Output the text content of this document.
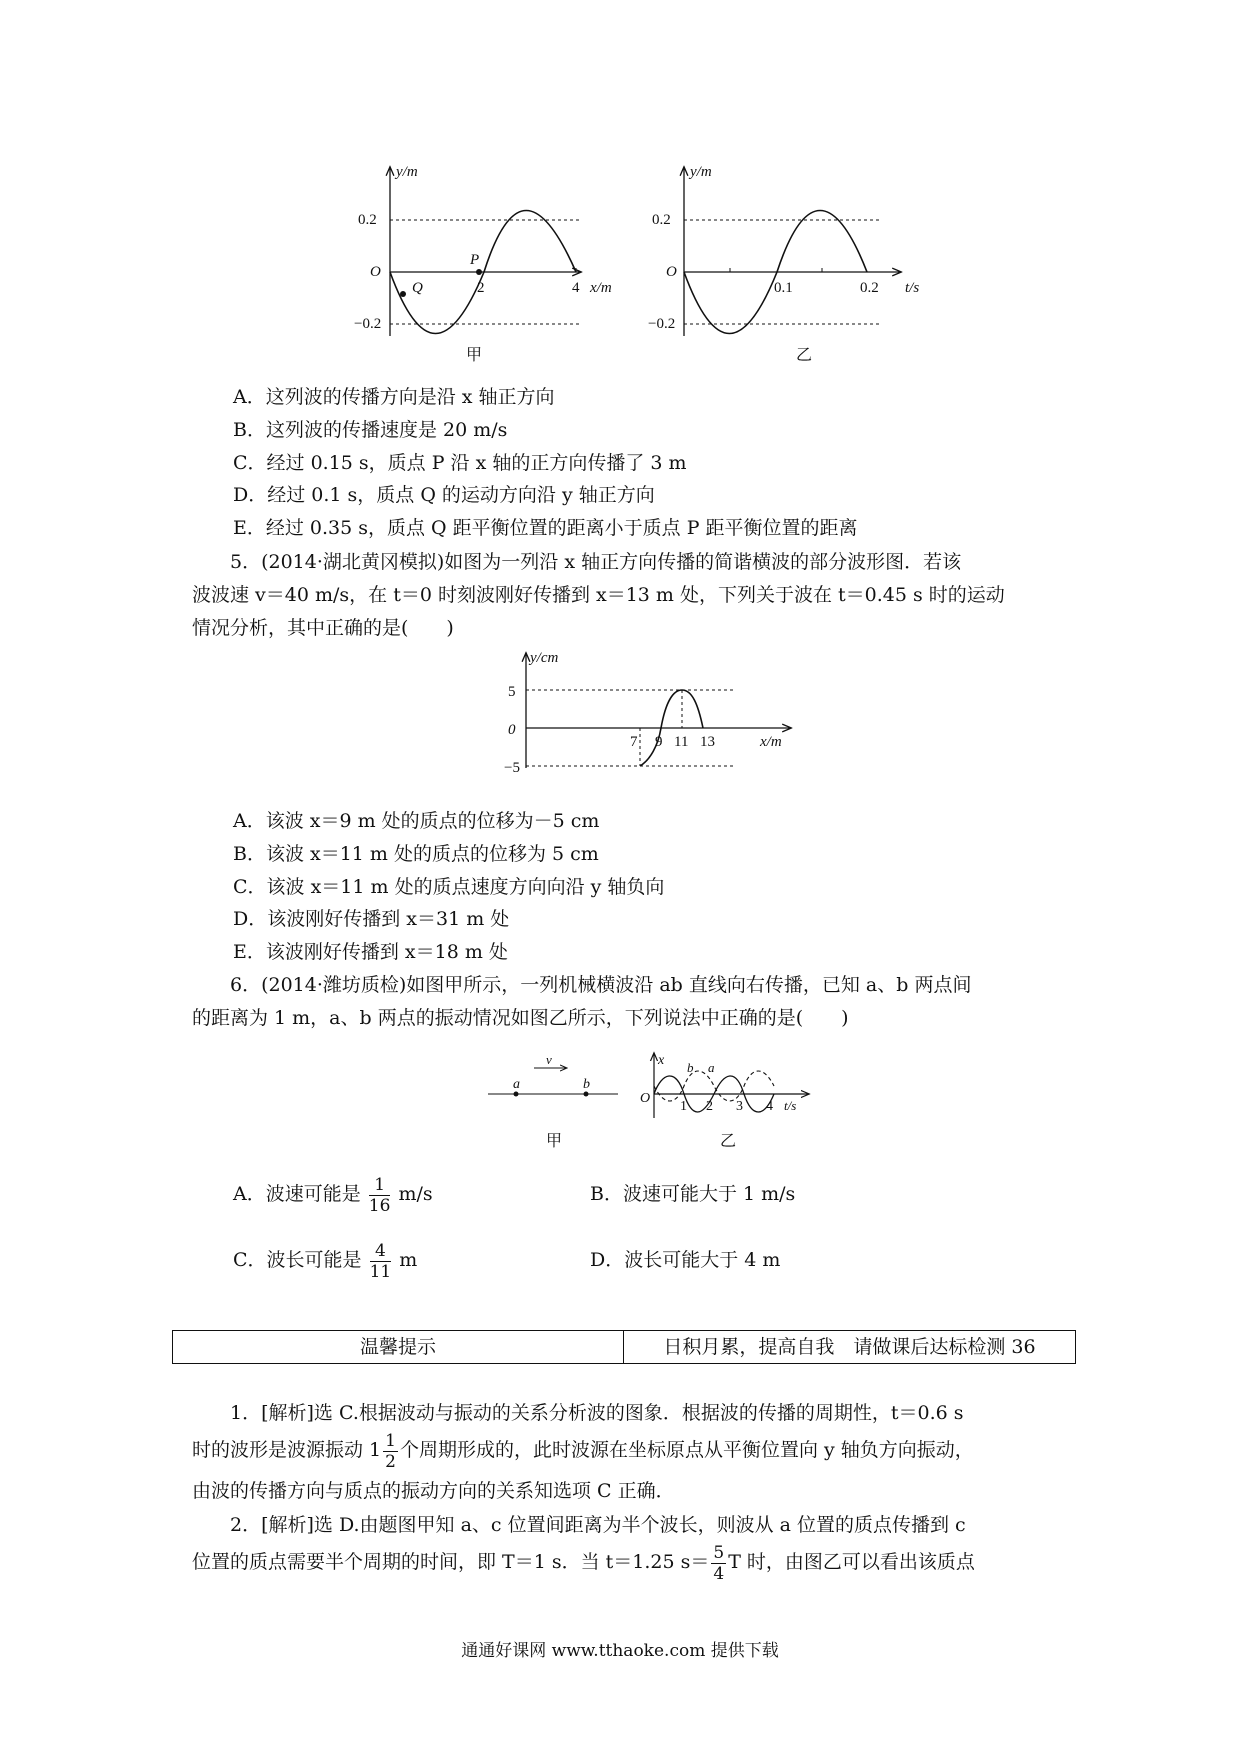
y/m
0.2
−0.2
O
2	4 x/m
P
Q
甲
y/m
0.2
−0.2
O
0.1	0.2 t/s
乙
A．这列波的传播方向是沿 x 轴正方向
B．这列波的传播速度是 20 m/s
C．经过 0.15 s，质点 P 沿 x 轴的正方向传播了 3 m
D．经过 0.1 s，质点 Q 的运动方向沿 y 轴正方向
E．经过 0.35 s，质点 Q 距平衡位置的距离小于质点 P 距平衡位置的距离
5．(2014·湖北黄冈模拟)如图为一列沿 x 轴正方向传播的简谐横波的部分波形图．若该
波波速 v＝40 m/s，在 t＝0 时刻波刚好传播到 x＝13 m 处，下列关于波在 t＝0.45 s 时的运动
情况分析，其中正确的是(　　)
y/cm
5
−5
0
7 9 11 13	x/m
A．该波 x＝9 m 处的质点的位移为－5 cm
B．该波 x＝11 m 处的质点的位移为 5 cm
C．该波 x＝11 m 处的质点速度方向向沿 y 轴负向
D．该波刚好传播到 x＝31 m 处
E．该波刚好传播到 x＝18 m 处
6．(2014·潍坊质检)如图甲所示，一列机械横波沿 ab 直线向右传播，已知 a、b 两点间
的距离为 1 m，a、b 两点的振动情况如图乙所示，下列说法中正确的是(　　)
a	b
v
甲
x
O
b a
1 2 3 4 t/s
乙
A．波速可能是 $\frac{1}{16} m/s$	B．波速可能大于 1 m/s
C．波长可能是 $\frac{4}{11}$ m	D．波长可能大于 4 m
温馨提示	日积月累，提高自我　请做课后达标检测 36
1．[解析]选 C.根据波动与振动的关系分析波的图象．根据波的传播的周期性，t＝0.6 s
时的波形是波源振动 $1 \frac{1}{2}$ 个周期形成的，此时波源在坐标原点从平衡位置向 y 轴负方向振动，
由波的传播方向与质点的振动方向的关系知选项 C 正确．
2．[解析]选 D.由题图甲知 a、c 位置间距离为半个波长，则波从 a 位置的质点传播到 c
位置的质点需要半个周期的时间，即 T＝1 s．当 t＝1.25 $s= \frac{5}{4}$ T 时，由图乙可以看出该质点
通通好课网 www.tthaoke.com 提供下载
